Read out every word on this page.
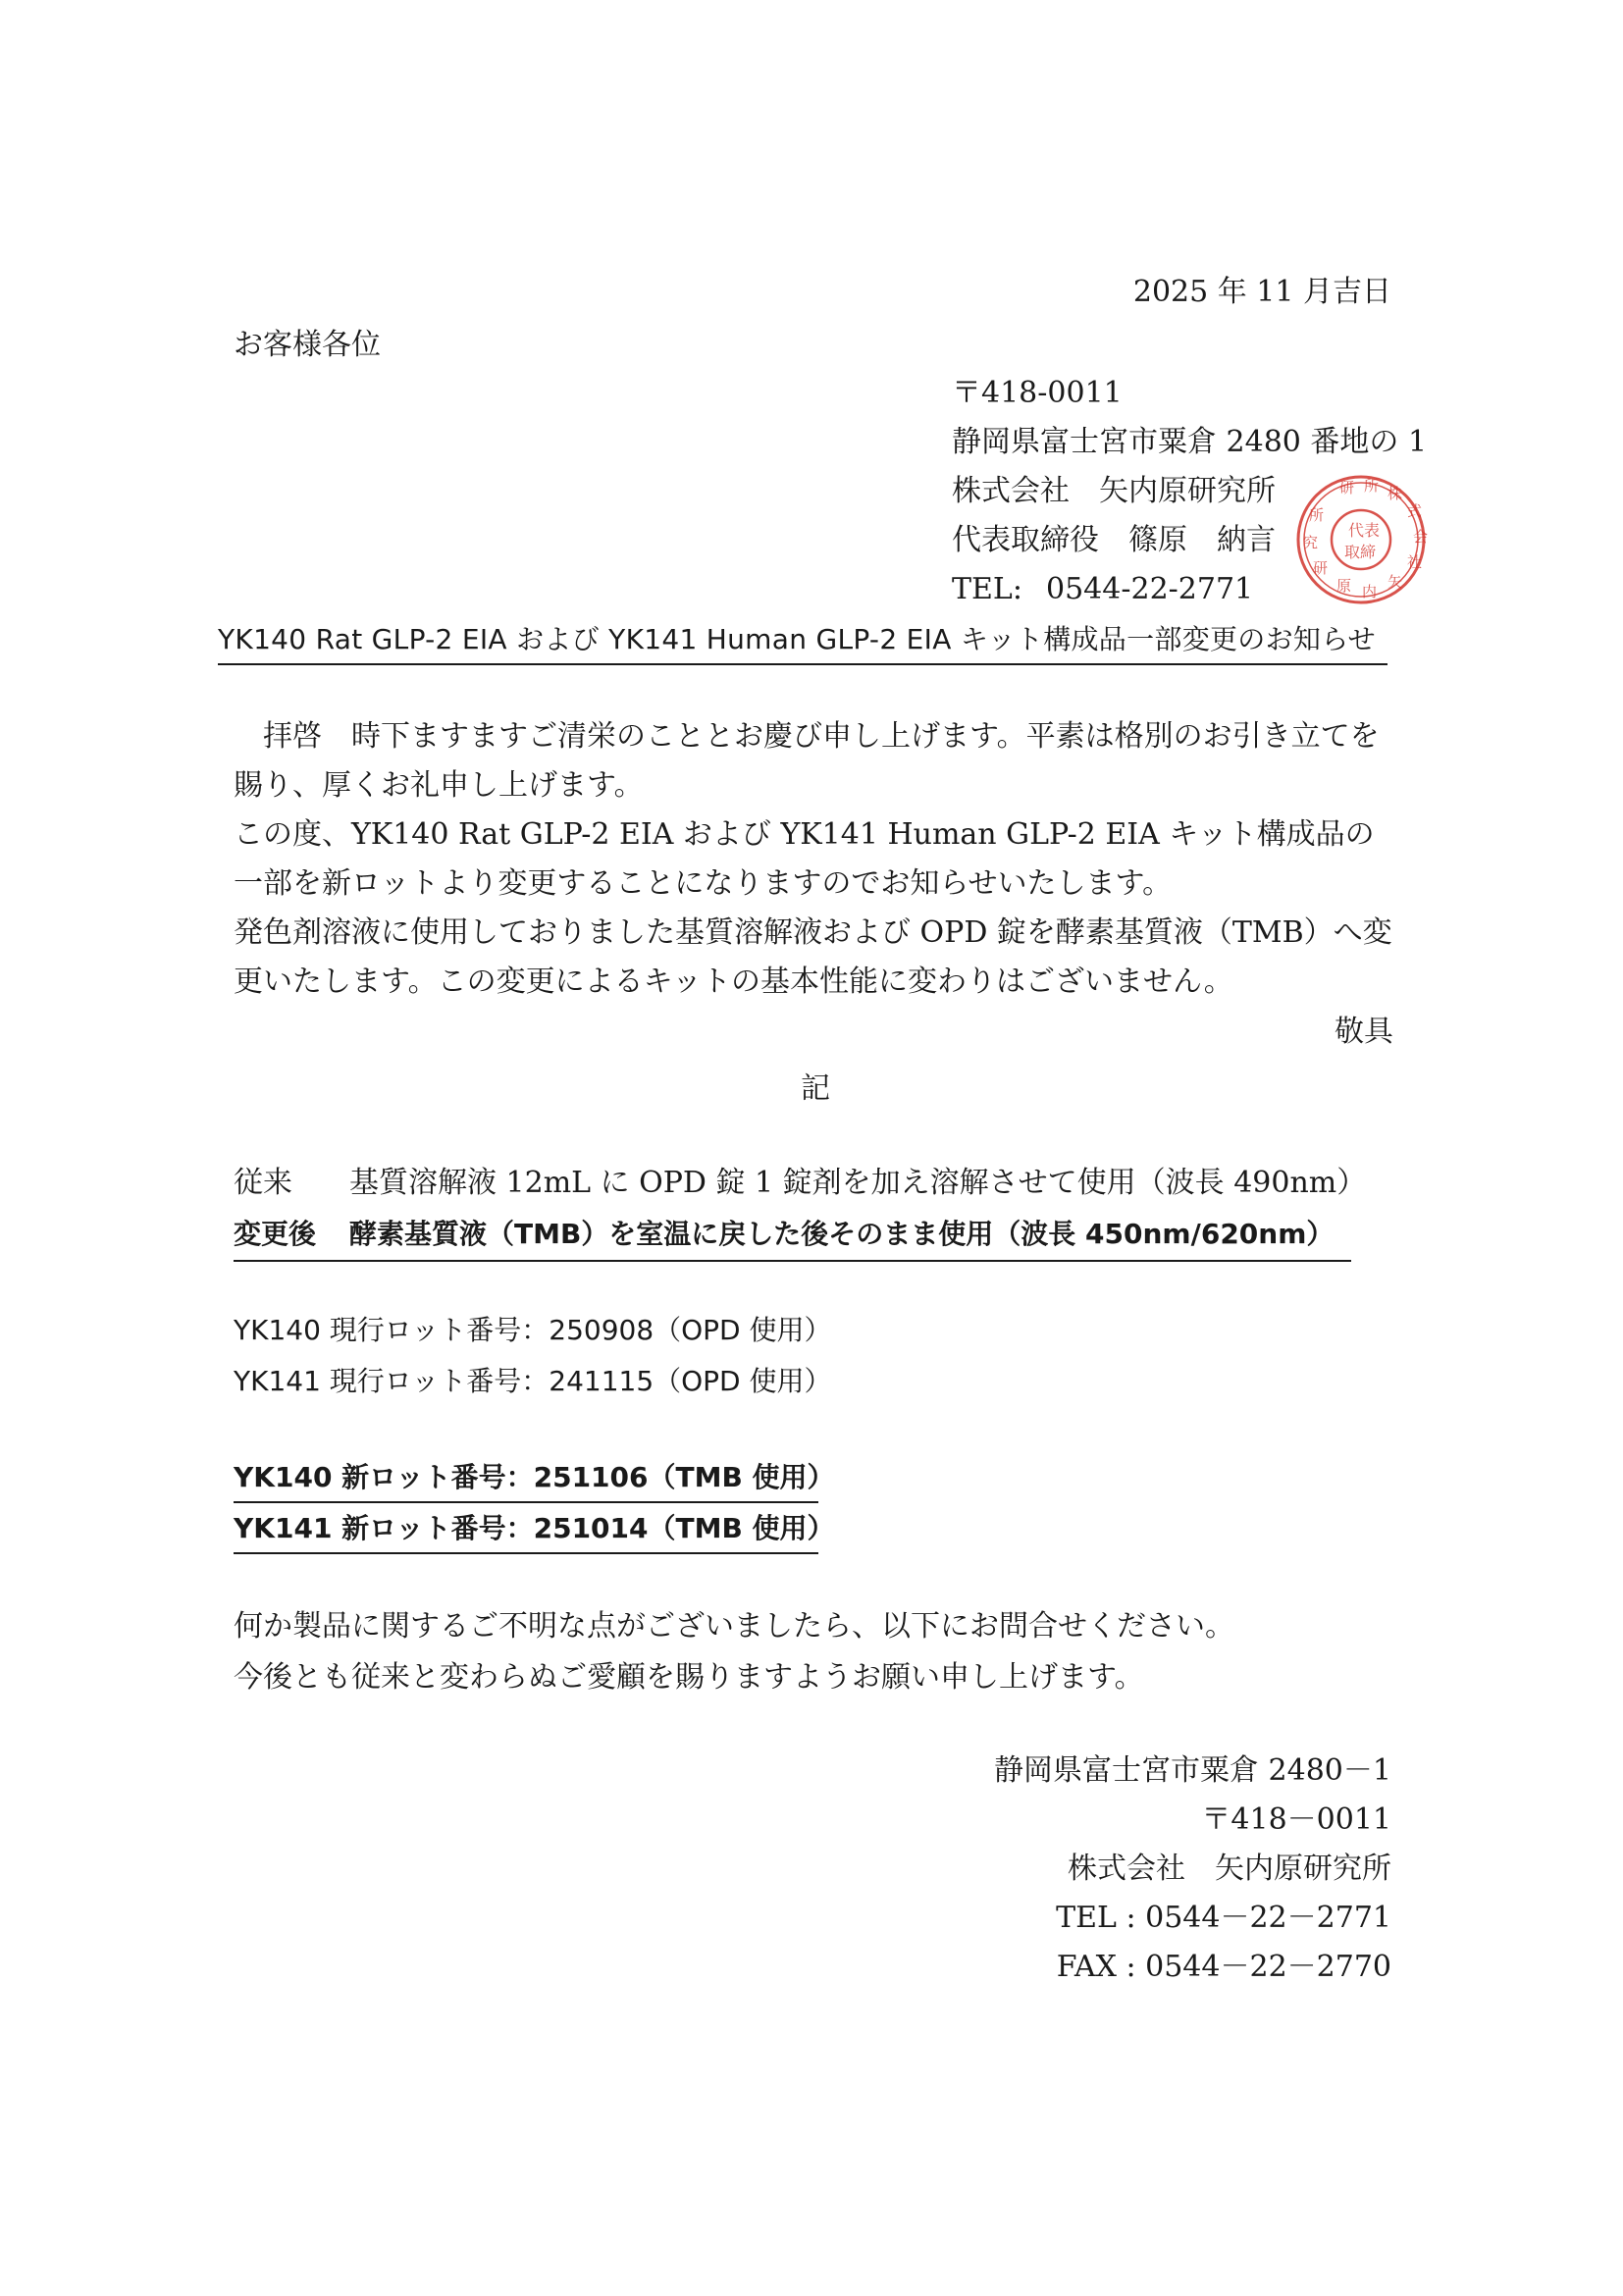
2025 年 11 月吉日
お客様各位
〒418-0011
静岡県富士宮市粟倉 2480 番地の 1
株式会社　矢内原研究所
代表取締役　篠原　納言
TEL: 0544-22-2771
研 所 株
式
会
社
矢
内
原
研
究
所
代表
取締
YK140 Rat GLP-2 EIA および YK141 Human GLP-2 EIA キット構成品一部変更のお知らせ

拝啓　時下ますますご清栄のこととお慶び申し上げます。平素は格別のお引き立てを賜り、厚くお礼申し上げます。

この度、YK140 Rat GLP-2 EIA および YK141 Human GLP-2 EIA キット構成品の一部を新ロットより変更することになりますのでお知らせいたします。

発色剤溶液に使用しておりました基質溶解液および OPD 錠を酵素基質液（TMB）へ変更いたします。この変更によるキットの基本性能に変わりはございません。

敬具
記
従来 基質溶解液 12mL に OPD 錠 1 錠剤を加え溶解させて使用（波長 490nm）
変更後 酵素基質液（TMB）を室温に戻した後そのまま使用（波長 450nm/620nm）
YK140 現行ロット番号：250908（OPD 使用）
YK141 現行ロット番号：241115（OPD 使用）
YK140 新ロット番号：251106（TMB 使用）
YK141 新ロット番号：251014（TMB 使用）
何か製品に関するご不明な点がございましたら、以下にお問合せください。
今後とも従来と変わらぬご愛顧を賜りますようお願い申し上げます。
静岡県富士宮市粟倉 2480－1
〒418－0011
株式会社　矢内原研究所
TEL : 0544－22－2771
FAX : 0544－22－2770
